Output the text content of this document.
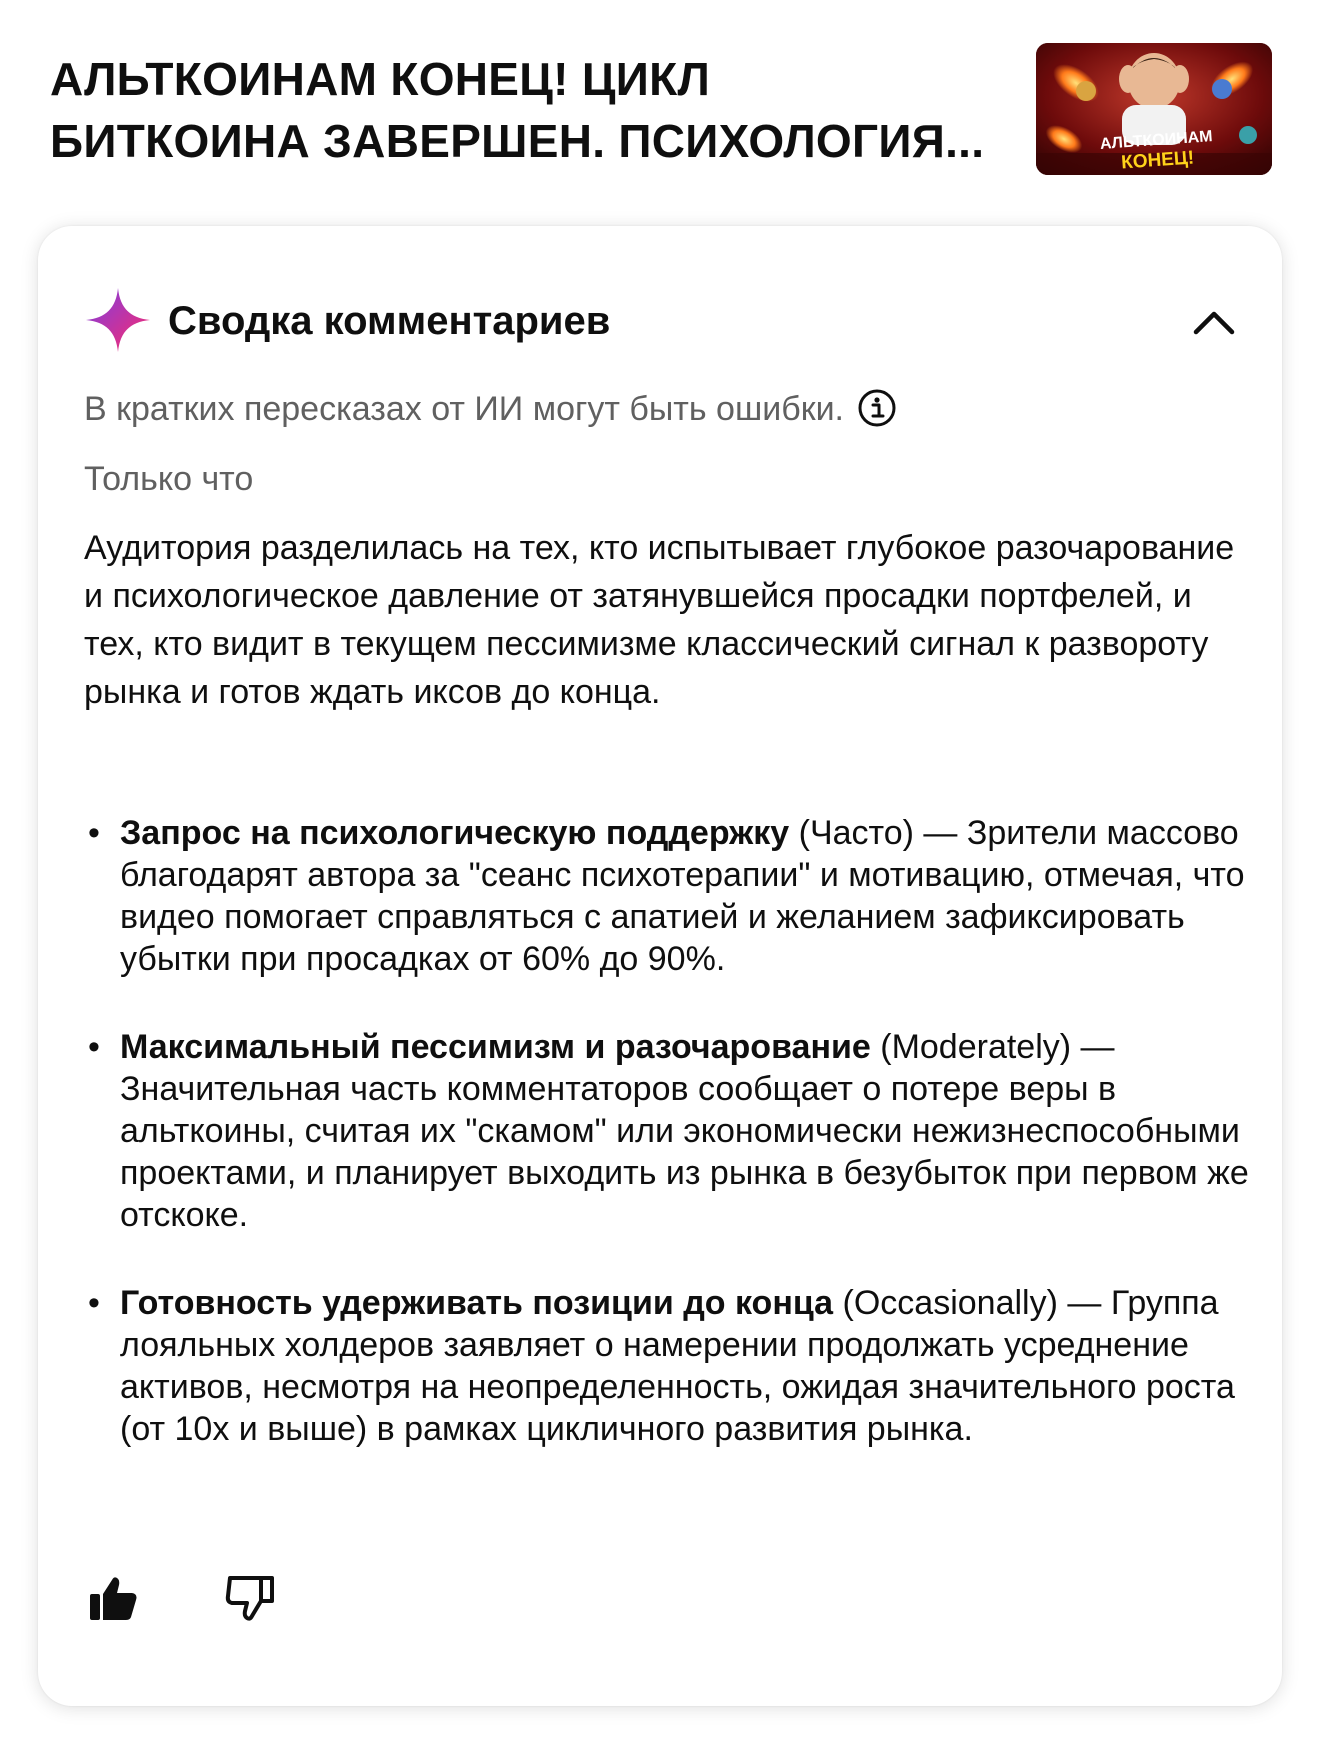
АЛЬТКОИНАМ КОНЕЦ! ЦИКЛ
БИТКОИНА ЗАВЕРШЕН. ПСИХОЛОГИЯ...	АЛЬТКОИНАМ
КОНЕЦ!
Сводка комментариев
В кратких пересказах от ИИ могут быть ошибки.
Только что
Аудитория разделилась на тех, кто испытывает глубокое разочарование и психологическое давление от затянувшейся просадки портфелей, и тех, кто видит в текущем пессимизме классический сигнал к развороту рынка и готов ждать иксов до конца.
• Запрос на психологическую поддержку (Часто) — Зрители массово благодарят автора за "сеанс психотерапии" и мотивацию, отмечая, что видео помогает справляться с апатией и желанием зафиксировать убытки при просадках от 60% до 90%.
• Максимальный пессимизм и разочарование (Moderately) — Значительная часть комментаторов сообщает о потере веры в альткоины, считая их "скамом" или экономически нежизнеспособными проектами, и планирует выходить из рынка в безубыток при первом же отскоке.
• Готовность удерживать позиции до конца (Occasionally) — Группа лояльных холдеров заявляет о намерении продолжать усреднение активов, несмотря на неопределенность, ожидая значительного роста (от 10x и выше) в рамках цикличного развития рынка.
